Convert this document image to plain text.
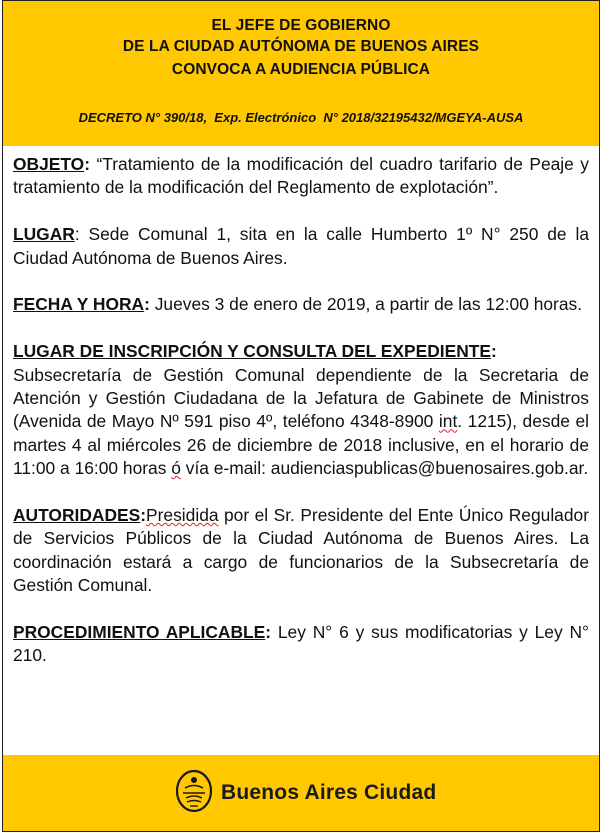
EL JEFE DE GOBIERNO
DE LA CIUDAD AUTÓNOMA DE BUENOS AIRES
CONVOCA A AUDIENCIA PÚBLICA
DECRETO N° 390/18,  Exp. Electrónico  N° 2018/32195432/MGEYA-AUSA

OBJETO: “Tratamiento de la modificación del cuadro tarifario de Peaje y tratamiento de la modificación del Reglamento de explotación”.

LUGAR: Sede Comunal 1, sita en la calle Humberto 1º N° 250 de la Ciudad Autónoma de Buenos Aires.

FECHA Y HORA: Jueves 3 de enero de 2019, a partir de las 12:00 horas.

LUGAR DE INSCRIPCIÓN Y CONSULTA DEL EXPEDIENTE:
Subsecretaría de Gestión Comunal dependiente de la Secretaria de Atención y Gestión Ciudadana de la Jefatura de Gabinete de Ministros (Avenida de Mayo Nº 591 piso 4º, teléfono 4348-8900 int. 1215), desde el martes 4 al miércoles 26 de diciembre de 2018 inclusive, en el horario de 11:00 a 16:00 horas ó vía e-mail: audienciaspublicas@buenosaires.gob.ar.

AUTORIDADES:Presidida por el Sr. Presidente del Ente Único Regulador de Servicios Públicos de la Ciudad Autónoma de Buenos Aires. La coordinación estará a cargo de funcionarios de la Subsecretaría de Gestión Comunal.

PROCEDIMIENTO APLICABLE: Ley N° 6 y sus modificatorias y Ley N° 210.

Buenos Aires Ciudad
